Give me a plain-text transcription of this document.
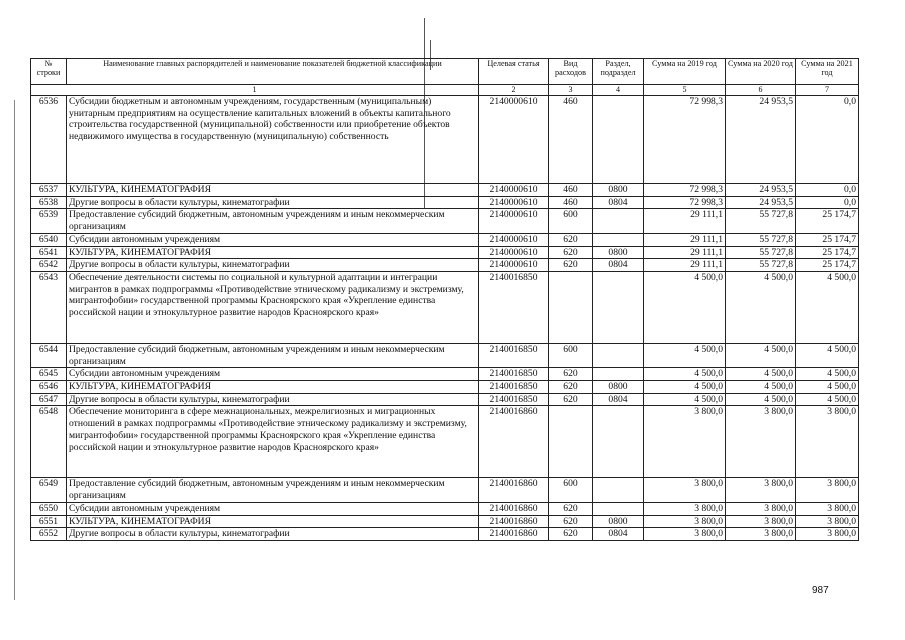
№ строки	Наименование главных распорядителей и наименование показателей бюджетной классификации	Целевая статья	Вид расходов	Раздел, подраздел	Сумма на 2019 год	Сумма на 2020 год	Сумма на 2021 год
1		2	3	4	5	6	7
6536	Субсидии бюджетным и автономным учреждениям, государственным (муниципальным) унитарным предприятиям на осуществление капитальных вложений в объекты капитального строительства государственной (муниципальной) собственности или приобретение объектов недвижимого имущества в государственную (муниципальную) собственность	2140000610	460		72 998,3	24 953,5	0,0
6537	КУЛЬТУРА, КИНЕМАТОГРАФИЯ	2140000610	460	0800	72 998,3	24 953,5	0,0
6538	Другие вопросы в области культуры, кинематографии	2140000610	460	0804	72 998,3	24 953,5	0,0
6539	Предоставление субсидий бюджетным, автономным учреждениям и иным некоммерческим организациям	2140000610	600		29 111,1	55 727,8	25 174,7
6540	Субсидии автономным учреждениям	2140000610	620		29 111,1	55 727,8	25 174,7
6541	КУЛЬТУРА, КИНЕМАТОГРАФИЯ	2140000610	620	0800	29 111,1	55 727,8	25 174,7
6542	Другие вопросы в области культуры, кинематографии	2140000610	620	0804	29 111,1	55 727,8	25 174,7
6543	Обеспечение деятельности системы по социальной и культурной адаптации и интеграции мигрантов в рамках подпрограммы «Противодействие этническому радикализму и экстремизму, мигрантофобии» государственной программы Красноярского края «Укрепление единства российской нации и этнокультурное развитие народов Красноярского края»	2140016850			4 500,0	4 500,0	4 500,0
6544	Предоставление субсидий бюджетным, автономным учреждениям и иным некоммерческим организациям	2140016850	600		4 500,0	4 500,0	4 500,0
6545	Субсидии автономным учреждениям	2140016850	620		4 500,0	4 500,0	4 500,0
6546	КУЛЬТУРА, КИНЕМАТОГРАФИЯ	2140016850	620	0800	4 500,0	4 500,0	4 500,0
6547	Другие вопросы в области культуры, кинематографии	2140016850	620	0804	4 500,0	4 500,0	4 500,0
6548	Обеспечение мониторинга в сфере межнациональных, межрелигиозных и миграционных отношений в рамках подпрограммы «Противодействие этническому радикализму и экстремизму, мигрантофобии» государственной программы Красноярского края «Укрепление единства российской нации и этнокультурное развитие народов Красноярского края»	2140016860			3 800,0	3 800,0	3 800,0
6549	Предоставление субсидий бюджетным, автономным учреждениям и иным некоммерческим организациям	2140016860	600		3 800,0	3 800,0	3 800,0
6550	Субсидии автономным учреждениям	2140016860	620		3 800,0	3 800,0	3 800,0
6551	КУЛЬТУРА, КИНЕМАТОГРАФИЯ	2140016860	620	0800	3 800,0	3 800,0	3 800,0
6552	Другие вопросы в области культуры, кинематографии	2140016860	620	0804	3 800,0	3 800,0	3 800,0
987
